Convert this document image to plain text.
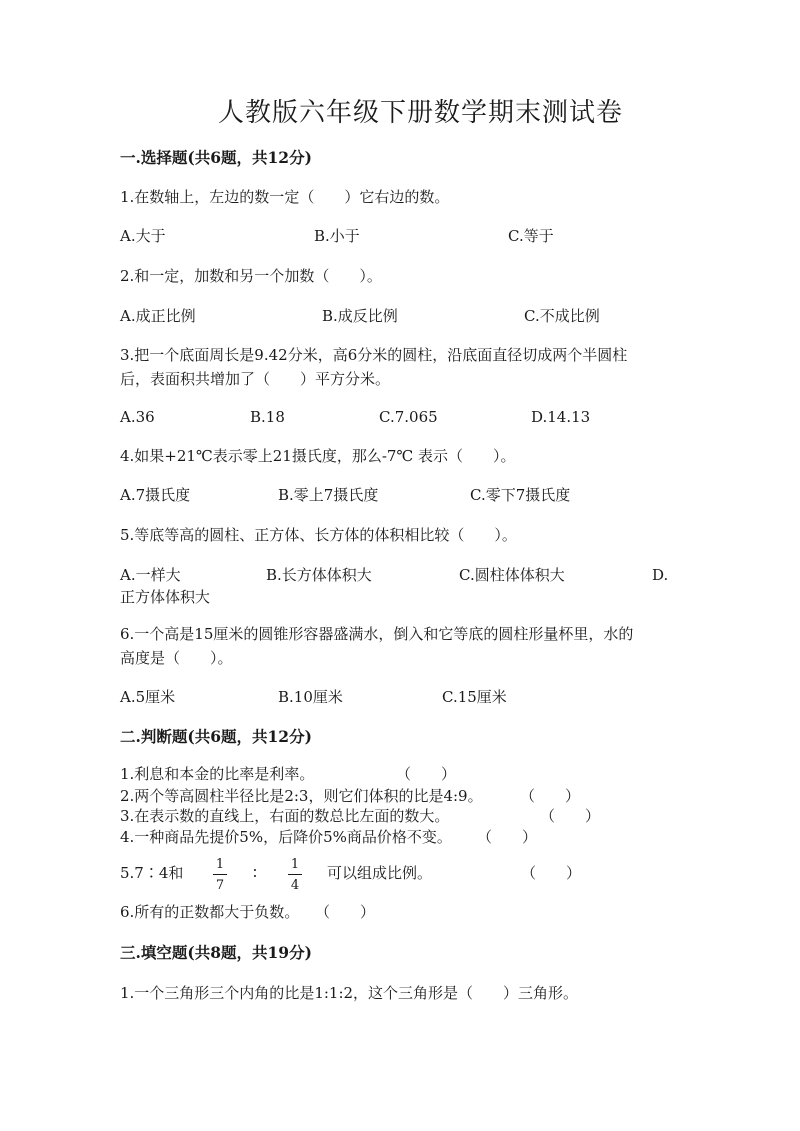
人教版六年级下册数学期末测试卷
一.选择题(共6题，共12分)
1.在数轴上，左边的数一定（　　）它右边的数。
A.大于	B.小于	C.等于
2.和一定，加数和另一个加数（　　）。
A.成正比例	B.成反比例	C.不成比例
3.把一个底面周长是9.42分米，高6分米的圆柱，沿底面直径切成两个半圆柱
后，表面积共增加了（　　）平方分米。
A.36	B.18	C.7.065	D.14.13
4.如果+21℃表示零上21摄氏度，那么-7℃ 表示（　　）。
A.7摄氏度	B.零上7摄氏度	C.零下7摄氏度
5.等底等高的圆柱、正方体、长方体的体积相比较（　　）。
A.一样大	B.长方体体积大	C.圆柱体体积大	D.
正方体体积大
6.一个高是15厘米的圆锥形容器盛满水，倒入和它等底的圆柱形量杯里，水的
高度是（　　）。
A.5厘米	B.10厘米	C.15厘米
二.判断题(共6题，共12分)
1.利息和本金的比率是利率。	（　　）
2.两个等高圆柱半径比是2:3，则它们体积的比是4:9。 （　　）
3.在表示数的直线上，右面的数总比左面的数大。	（　　）
4.一种商品先提价5%，后降价5%商品价格不变。 （　　）
5.7∶4和 1
7
∶	1
4
可以组成比例。	（　　）
6.所有的正数都大于负数。 （　　）
三.填空题(共8题，共19分)
1.一个三角形三个内角的比是1:1:2，这个三角形是（　　）三角形。
